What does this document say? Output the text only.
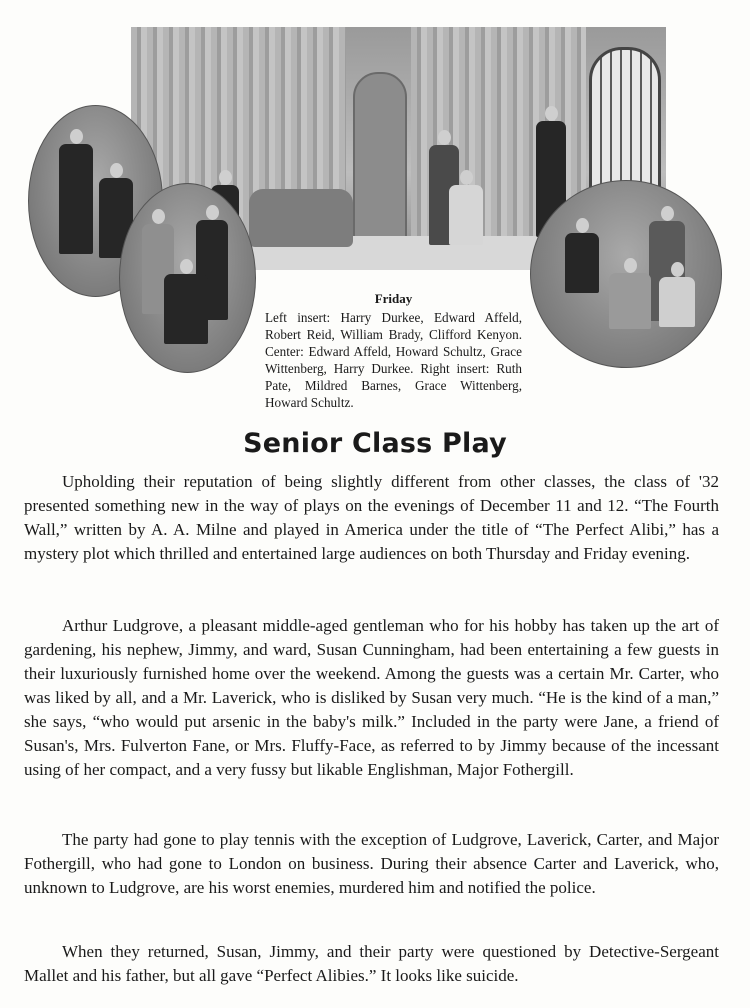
Friday
Left insert: Harry Durkee, Edward Affeld, Robert Reid, William Brady, Clifford Kenyon. Center: Edward Affeld, Howard Schultz, Grace Wittenberg, Harry Durkee. Right insert: Ruth Pate, Mildred Barnes, Grace Wittenberg, Howard Schultz.
Senior Class Play

Upholding their reputation of being slightly different from other classes, the class of '32 presented something new in the way of plays on the evenings of December 11 and 12. “The Fourth Wall,” written by A. A. Milne and played in America under the title of “The Perfect Alibi,” has a mystery plot which thrilled and entertained large audiences on both Thursday and Friday evening.

Arthur Ludgrove, a pleasant middle-aged gentleman who for his hobby has taken up the art of gardening, his nephew, Jimmy, and ward, Susan Cunningham, had been entertaining a few guests in their luxuriously furnished home over the weekend. Among the guests was a certain Mr. Carter, who was liked by all, and a Mr. Laverick, who is disliked by Susan very much. “He is the kind of a man,” she says, “who would put arsenic in the baby's milk.” Included in the party were Jane, a friend of Susan's, Mrs. Fulverton Fane, or Mrs. Fluffy-Face, as referred to by Jimmy because of the incessant using of her compact, and a very fussy but likable Englishman, Major Fothergill.

The party had gone to play tennis with the exception of Ludgrove, Laverick, Carter, and Major Fothergill, who had gone to London on business. During their absence Carter and Laverick, who, unknown to Ludgrove, are his worst enemies, murdered him and notified the police.

When they returned, Susan, Jimmy, and their party were questioned by Detective-Sergeant Mallet and his father, but all gave “Perfect Alibies.” It looks like suicide.
